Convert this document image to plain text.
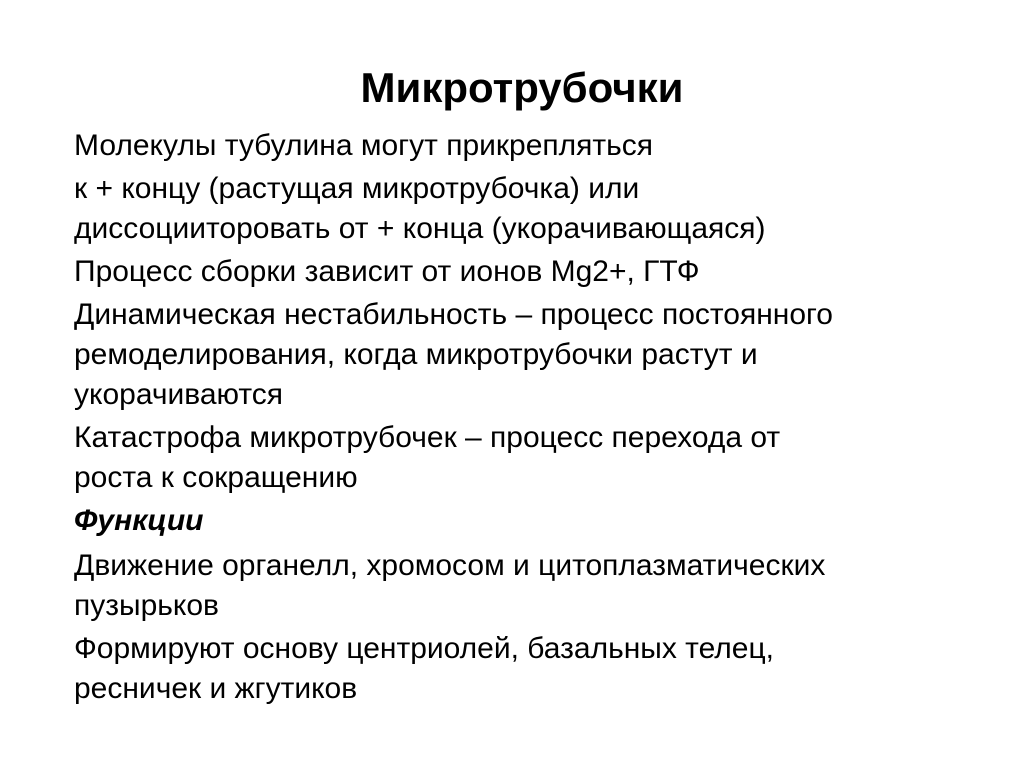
Микротрубочки

Молекулы тубулина могут прикрепляться

к + концу (растущая микротрубочка) или
диссоцииторовать от + конца (укорачивающаяся)

Процесс сборки зависит от ионов Mg2+, ГТФ

Динамическая нестабильность – процесс постоянного
ремоделирования, когда микротрубочки растут и
укорачиваются

Катастрофа микротрубочек – процесс перехода от
роста к сокращению

Функции

Движение органелл, хромосом и цитоплазматических
пузырьков

Формируют основу центриолей, базальных телец,
ресничек и жгутиков
